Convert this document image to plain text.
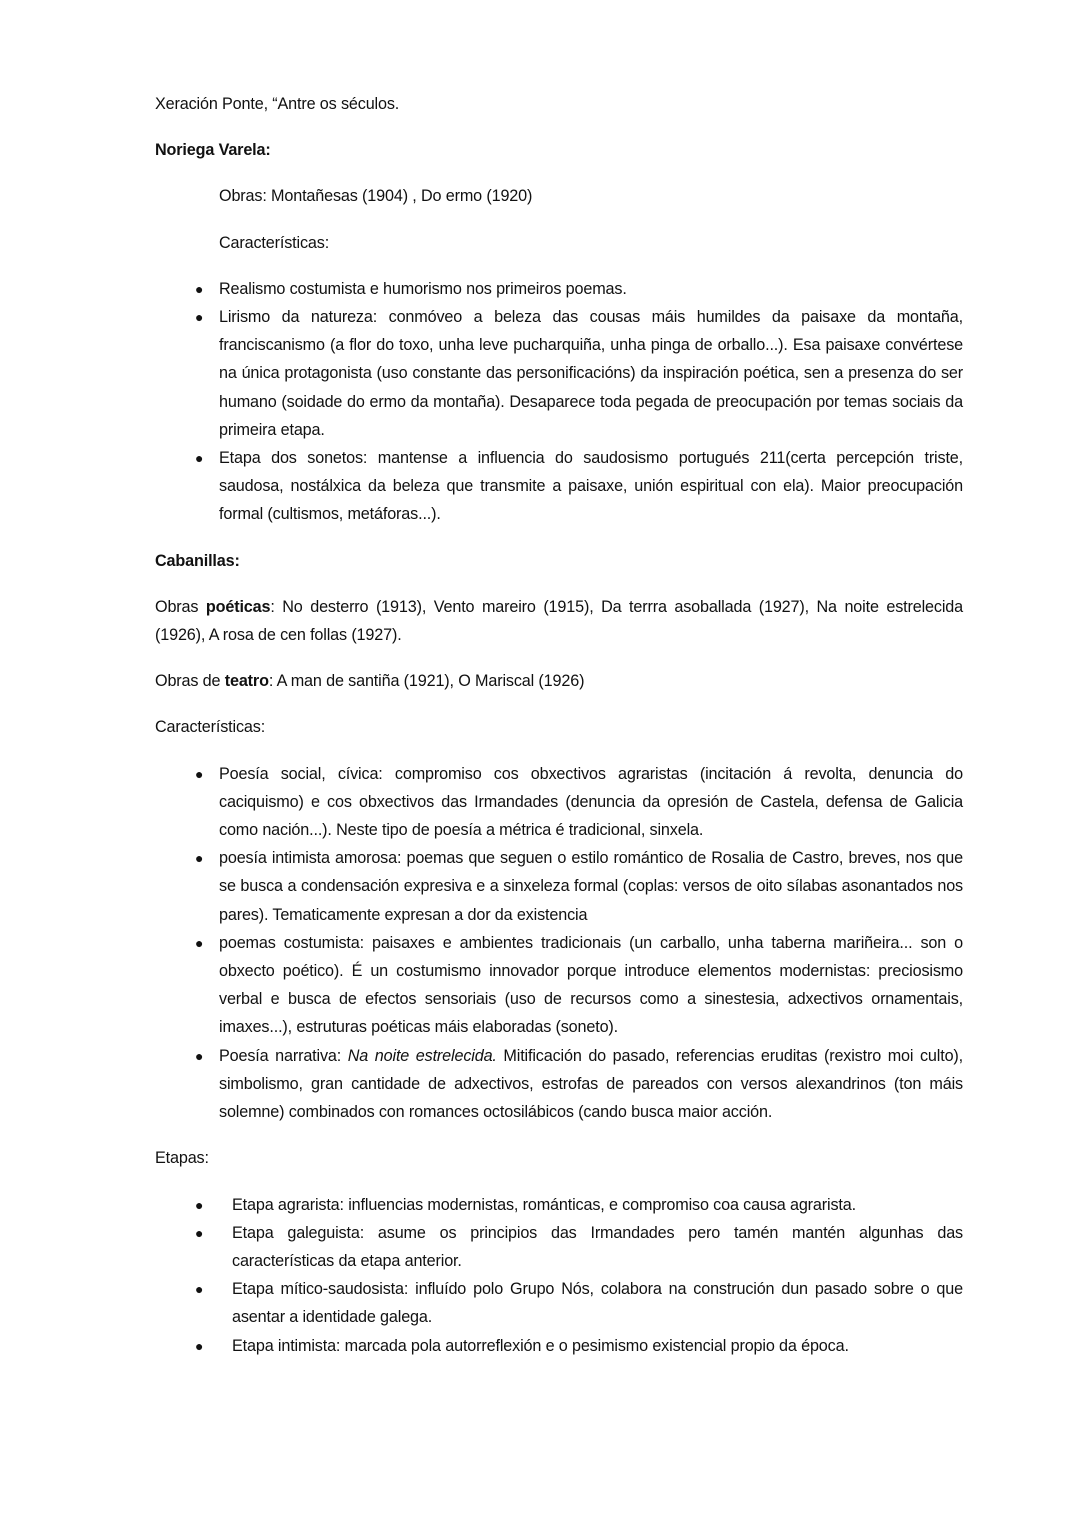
Xeración Ponte, “Antre os séculos.

Noriega Varela:

Obras: Montañesas (1904) , Do ermo (1920)

Características:

● Realismo costumista e humorismo nos primeiros poemas.
● Lirismo da natureza: conmóveo a beleza das cousas máis humildes da paisaxe da montaña, franciscanismo (a flor do toxo, unha leve pucharquiña, unha pinga de orballo...). Esa paisaxe convértese na única protagonista (uso constante das personificacións) da inspiración poética, sen a presenza do ser humano (soidade do ermo da montaña). Desaparece toda pegada de preocupación por temas sociais da primeira etapa.
● Etapa dos sonetos: mantense a influencia do saudosismo portugués 211(certa percepción triste, saudosa, nostálxica da beleza que transmite a paisaxe, unión espiritual con ela). Maior preocupación formal (cultismos, metáforas...).

Cabanillas:

Obras poéticas: No desterro (1913), Vento mareiro (1915), Da terrra asoballada (1927), Na noite estrelecida (1926), A rosa de cen follas (1927).

Obras de teatro: A man de santiña (1921), O Mariscal (1926)

Características:

● Poesía social, cívica: compromiso cos obxectivos agraristas (incitación á revolta, denuncia do caciquismo) e cos obxectivos das Irmandades (denuncia da opresión de Castela, defensa de Galicia como nación...). Neste tipo de poesía a métrica é tradicional, sinxela.
● poesía intimista amorosa: poemas que seguen o estilo romántico de Rosalia de Castro, breves, nos que se busca a condensación expresiva e a sinxeleza formal (coplas: versos de oito sílabas asonantados nos pares). Tematicamente expresan a dor da existencia
● poemas costumista: paisaxes e ambientes tradicionais (un carballo, unha taberna mariñeira... son o obxecto poético). É un costumismo innovador porque introduce elementos modernistas: preciosismo verbal e busca de efectos sensoriais (uso de recursos como a sinestesia, adxectivos ornamentais, imaxes...), estruturas poéticas máis elaboradas (soneto).
● Poesía narrativa: Na noite estrelecida. Mitificación do pasado, referencias eruditas (rexistro moi culto), simbolismo, gran cantidade de adxectivos, estrofas de pareados con versos alexandrinos (ton máis solemne) combinados con romances octosilábicos (cando busca maior acción.

Etapas:

● Etapa agrarista: influencias modernistas, románticas, e compromiso coa causa agrarista.
● Etapa galeguista: asume os principios das Irmandades pero tamén mantén algunhas das características da etapa anterior.
● Etapa mítico-saudosista: influído polo Grupo Nós, colabora na construción dun pasado sobre o que asentar a identidade galega.
● Etapa intimista: marcada pola autorreflexión e o pesimismo existencial propio da época.
